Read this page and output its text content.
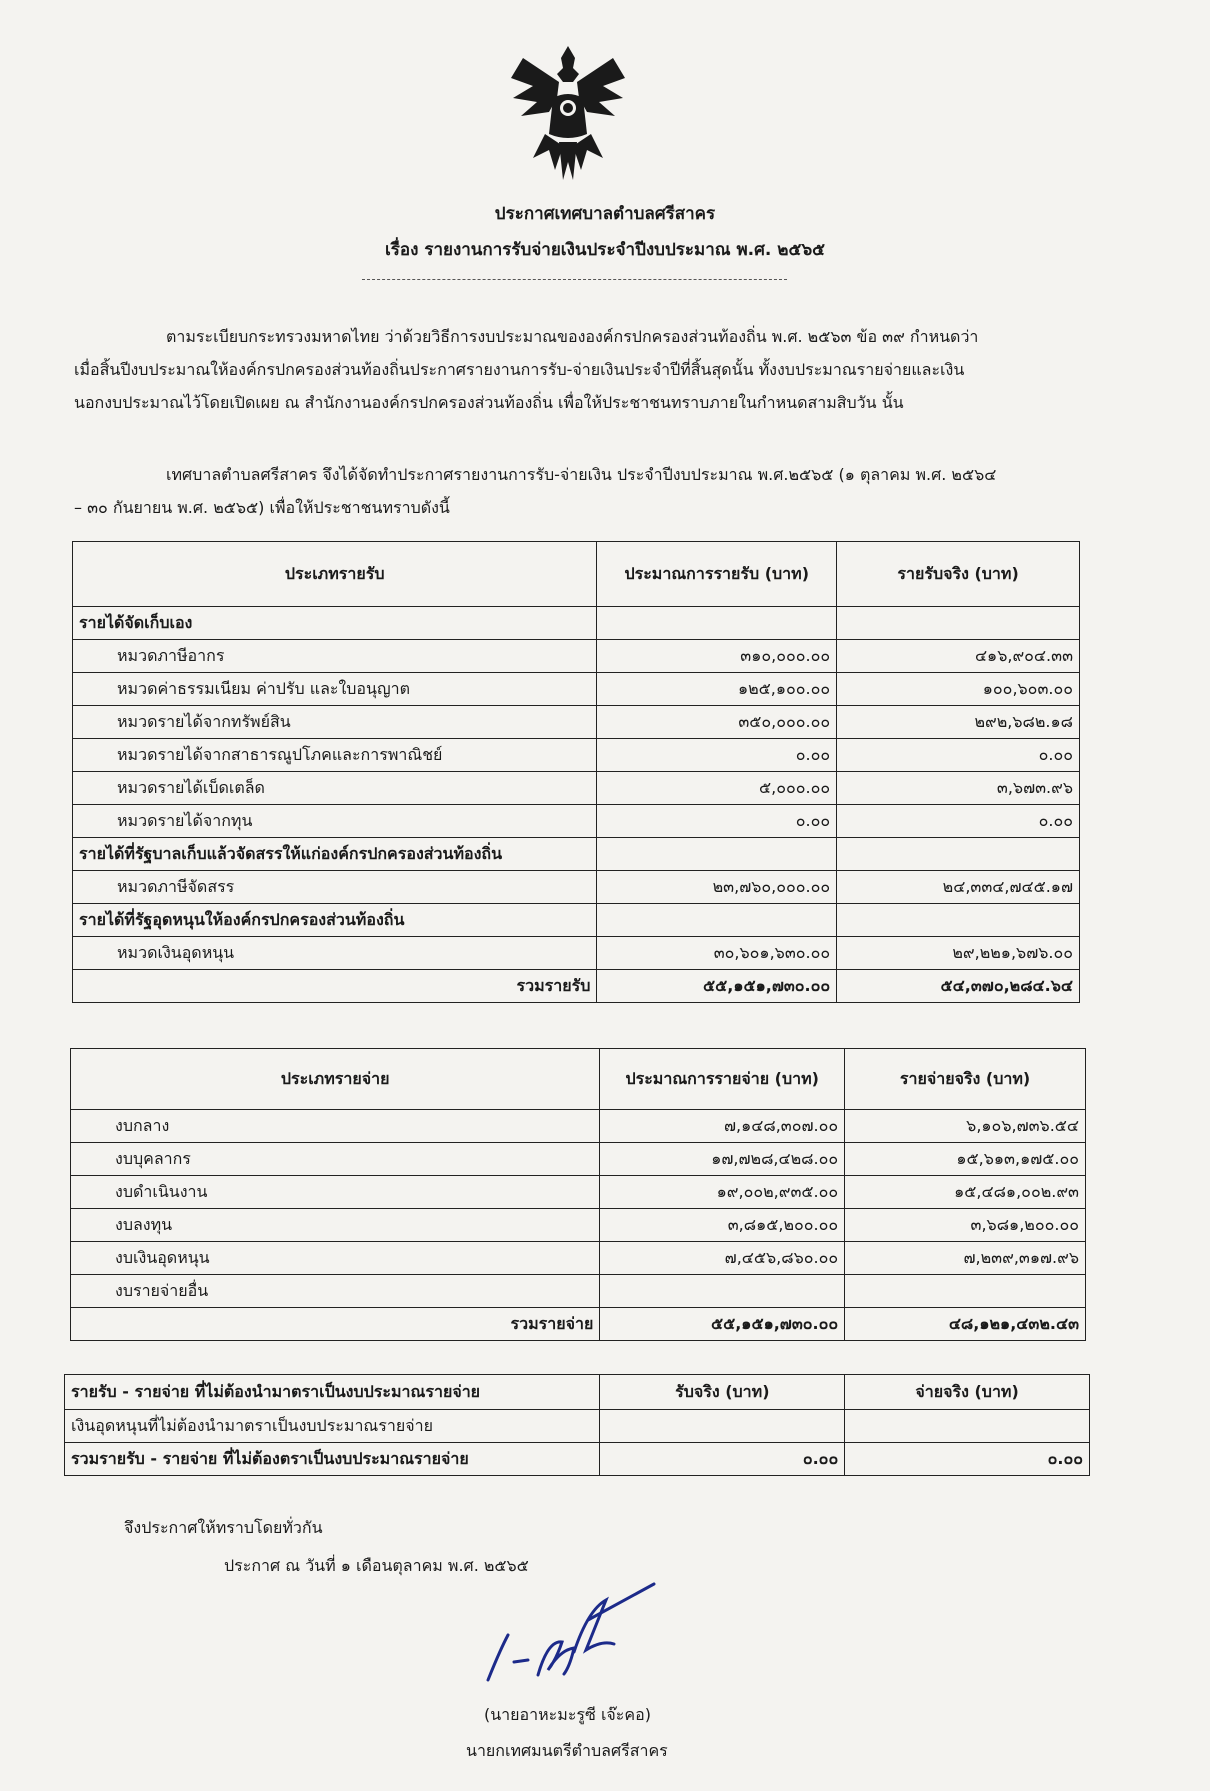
ประกาศเทศบาลตำบลศรีสาคร
เรื่อง รายงานการรับจ่ายเงินประจำปีงบประมาณ พ.ศ. ๒๕๖๕

ตามระเบียบกระทรวงมหาดไทย ว่าด้วยวิธีการงบประมาณขององค์กรปกครองส่วนท้องถิ่น พ.ศ. ๒๕๖๓ ข้อ ๓๙ กำหนดว่า

เมื่อสิ้นปีงบประมาณให้องค์กรปกครองส่วนท้องถิ่นประกาศรายงานการรับ-จ่ายเงินประจำปีที่สิ้นสุดนั้น ทั้งงบประมาณรายจ่ายและเงิน

นอกงบประมาณไว้โดยเปิดเผย ณ สำนักงานองค์กรปกครองส่วนท้องถิ่น เพื่อให้ประชาชนทราบภายในกำหนดสามสิบวัน นั้น

เทศบาลตำบลศรีสาคร จึงได้จัดทำประกาศรายงานการรับ-จ่ายเงิน ประจำปีงบประมาณ พ.ศ.๒๕๖๕ (๑ ตุลาคม พ.ศ. ๒๕๖๔

– ๓๐ กันยายน พ.ศ. ๒๕๖๕) เพื่อให้ประชาชนทราบดังนี้

ประเภทรายรับ	ประมาณการรายรับ (บาท)	รายรับจริง (บาท)
รายได้จัดเก็บเอง		
หมวดภาษีอากร	๓๑๐,๐๐๐.๐๐	๔๑๖,๙๐๔.๓๓
หมวดค่าธรรมเนียม ค่าปรับ และใบอนุญาต	๑๒๕,๑๐๐.๐๐	๑๐๐,๖๐๓.๐๐
หมวดรายได้จากทรัพย์สิน	๓๕๐,๐๐๐.๐๐	๒๙๒,๖๘๒.๑๘
หมวดรายได้จากสาธารณูปโภคและการพาณิชย์	๐.๐๐	๐.๐๐
หมวดรายได้เบ็ดเตล็ด	๕,๐๐๐.๐๐	๓,๖๗๓.๙๖
หมวดรายได้จากทุน	๐.๐๐	๐.๐๐
รายได้ที่รัฐบาลเก็บแล้วจัดสรรให้แก่องค์กรปกครองส่วนท้องถิ่น		
หมวดภาษีจัดสรร	๒๓,๗๖๐,๐๐๐.๐๐	๒๔,๓๓๔,๗๔๕.๑๗
รายได้ที่รัฐอุดหนุนให้องค์กรปกครองส่วนท้องถิ่น		
หมวดเงินอุดหนุน	๓๐,๖๐๑,๖๓๐.๐๐	๒๙,๒๒๑,๖๗๖.๐๐
รวมรายรับ	๕๕,๑๕๑,๗๓๐.๐๐	๕๔,๓๗๐,๒๘๔.๖๔
ประเภทรายจ่าย	ประมาณการรายจ่าย (บาท)	รายจ่ายจริง (บาท)
งบกลาง	๗,๑๔๘,๓๐๗.๐๐	๖,๑๐๖,๗๓๖.๕๔
งบบุคลากร	๑๗,๗๒๘,๔๒๘.๐๐	๑๕,๖๑๓,๑๗๕.๐๐
งบดำเนินงาน	๑๙,๐๐๒,๙๓๕.๐๐	๑๕,๔๘๑,๐๐๒.๙๓
งบลงทุน	๓,๘๑๕,๒๐๐.๐๐	๓,๖๘๑,๒๐๐.๐๐
งบเงินอุดหนุน	๗,๔๕๖,๘๖๐.๐๐	๗,๒๓๙,๓๑๗.๙๖
งบรายจ่ายอื่น		
รวมรายจ่าย	๕๕,๑๕๑,๗๓๐.๐๐	๔๘,๑๒๑,๔๓๒.๔๓
รายรับ - รายจ่าย ที่ไม่ต้องนำมาตราเป็นงบประมาณรายจ่าย	รับจริง (บาท)	จ่ายจริง (บาท)
เงินอุดหนุนที่ไม่ต้องนำมาตราเป็นงบประมาณรายจ่าย		
รวมรายรับ - รายจ่าย ที่ไม่ต้องตราเป็นงบประมาณรายจ่าย	๐.๐๐	๐.๐๐
จึงประกาศให้ทราบโดยทั่วกัน
ประกาศ ณ วันที่ ๑ เดือนตุลาคม พ.ศ. ๒๕๖๕
(นายอาหะมะรูซี เจ๊ะคอ)
นายกเทศมนตรีตำบลศรีสาคร
